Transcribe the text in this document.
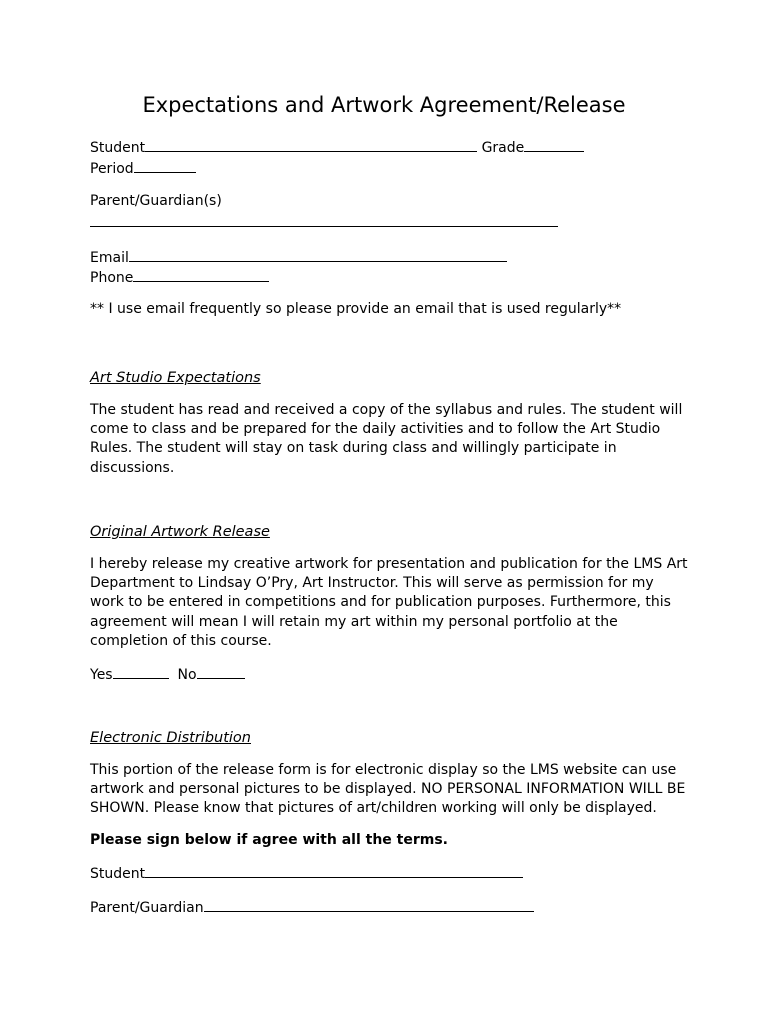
Expectations and Artwork Agreement/Release
Student	Grade
Period
Parent/Guardian(s)
Email
Phone
** I use email frequently so please provide an email that is used regularly**
Art Studio Expectations

The student has read and received a copy of the syllabus and rules. The student will come to class and be prepared for the daily activities and to follow the Art Studio Rules. The student will stay on task during class and willingly participate in discussions.

Original Artwork Release

I hereby release my creative artwork for presentation and publication for the LMS Art Department to Lindsay O’Pry, Art Instructor. This will serve as permission for my work to be entered in competitions and for publication purposes. Furthermore, this agreement will mean I will retain my art within my personal portfolio at the completion of this course.

Yes	No
Electronic Distribution

This portion of the release form is for electronic display so the LMS website can use artwork and personal pictures to be displayed. NO PERSONAL INFORMATION WILL BE SHOWN. Please know that pictures of art/children working will only be displayed.

Please sign below if agree with all the terms.
Student
Parent/Guardian
